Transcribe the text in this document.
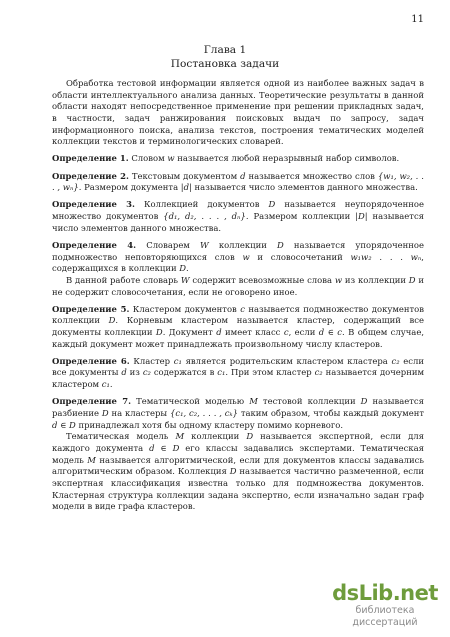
11
Глава 1
Постановка задачи

Обработка тестовой информации является одной из наиболее важных задач в области интеллектуального анализа данных. Теоретические результаты в данной области находят непосредственное применение при решении прикладных задач, в частности, задач ранжирования поисковых выдач по запросу, задач информационного поиска, анализа текстов, построения тематических моделей коллекции текстов и терминологических словарей.

Определение 1. Словом w называется любой неразрывный набор символов.

Определение 2. Текстовым документом d называется множество слов {w₁, w₂, . . . , wₙ}. Размером документа |d| называется число элементов данного множества.

Определение 3. Коллекцией документов D называется неупорядоченное множество документов {d₁, d₂, . . . , dₙ}. Размером коллекции |D| называется число элементов данного множества.

Определение 4. Словарем W коллекции D называется упорядоченное подмножество неповторяющихся слов w и словосочетаний w₁w₂ . . . wₙ, содержащихся в коллекции D.

В данной работе словарь W содержит всевозможные слова w из коллекции D и не содержит словосочетания, если не оговорено иное.

Определение 5. Кластером документов c называется подмножество документов коллекции D. Корневым кластером называется кластер, содержащий все документы коллекции D. Документ d имеет класс c, если d ∈ c. В общем случае, каждый документ может принадлежать произвольному числу кластеров.

Определение 6. Кластер c₁ является родительским кластером кластера c₂ если все документы d из c₂ содержатся в c₁. При этом кластер c₂ называется дочерним кластером c₁.

Определение 7. Тематической моделью M тестовой коллекции D называется разбиение D на кластеры {c₁, c₂, . . . , cₖ} таким образом, чтобы каждый документ d ∈ D принадлежал хотя бы одному кластеру помимо корневого.

Тематическая модель M коллекции D называется экспертной, если для каждого документа d ∈ D его классы задавались экспертами. Тематическая модель M называется алгоритмической, если для документов классы задавались алгоритмическим образом. Коллекция D называется частично размеченной, если экспертная классификация известна только для подмножества документов. Кластерная структура коллекции задана экспертно, если изначально задан граф модели в виде графа кластеров.

dsLib.net
библиотека диссертаций
